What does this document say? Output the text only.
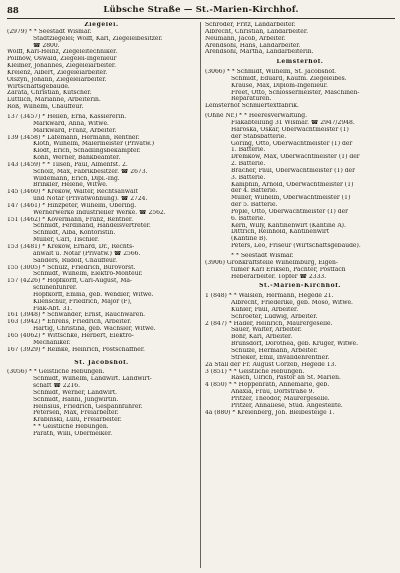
88	Lübsche Straße — St.-Marien-Kirchhof.
Ziegelei.
(2979) * * Seestadt Wismar.
Stadtziegelei; Wolff, Karl, Ziegeleibesitzer.
☎ 2800.
Wolff, Karl-Heinz, Ziegeleitechniker.
Pollnow, Oswald, Ziegelei-Ingenieur
Kleimer, Johannes, Ziegeleiarbeiter.
Kreienz, Albert, Ziegeleiarbeiter.
Olszyn, Johann, Ziegeleiarbeiter.
Wirtschaftsgebäude.
Zarata, Christian, Kutscher.
Lüttlich, Marianne, Arbeiterin.
Roß, Wilhelm, Chauffeur.
137 (3457) * Hellen, Erna, Kassiererin.
Markward, Anna, Witwe.
Markward, Franz, Arbeiter.
139 (3458) * Lafemann, Hermann, Rentner.
Kloth, Wilhelm, Malermeister (Privatw.)
Klodt, Erich, Schädlingsbekämpfer.
Köhn, Werner, Bankbeamter.
143 (3459) * * Tilsen, Paul, Almenfst. 2.
Scholz, Max, Fabrikbesitzer. ☎ 2673.
Wildemann, Erich, Dipl.-Ing.
Brinkler, Helene, Witwe.
145 (3460) * Krekow, Walter, Rechtsanwalt
und Notar (Privatwohnung). ☎ 2724.
147 (3461) * Hinzpeter, Wilhelm, Obering.
Wernerwerke Industrieller Werke. ☎ 2562.
151 (3462) * Kövermann, Franz, Rentner.
Schmidt, Ferdinand, Handelsvertreter.
Schmidt, Alba, Kontoristin.
Müller, Carl, Tischler.
153 (3481) * Krekow, Erhard, Dr., Rechts-
anwalt u. Notar (Privatw.) ☎ 2566.
Sanders, Rudolf, Chauffeur.
155 (3005) * Schulz, Friedrich, Bürovorst.
Schmidt, Wilhelm, Elektro-Monteur.
157 (4226) * Hopfkorff, Carl-August, Ma-
schinenführer.
Hopfkorff, Emma, geb. Wendler, Witwe.
Kilenschür, Friedrich, Major (F),
Flak-Abt. 31.
161 (3948) * Schwander, Ernst, Rauchwaren.
163 (3942) * Ehrens, Friedrich, Arbeiter.
Hartig, Christina, geb. Wachsler, Witwe.
165 (4062) * Wittschke, Herbert, Elektro-
Mechaniker.
167 (3929) * Reinke, Heinrich, Postschaffner.
St. Jacobshof.
(3056) * * Geistliche Hebungen.
Schmidt, Wilhelm, Landwirt. Landwirt-
schaft ☎ 2216.
Schmidt, Werner, Landwirt.
Schmidt, Hanni, Jungwirtin.
Heinsius, Friedrich, Gespannführer.
Petersen, Max, Freiarbeiter.
Krabinski, Lulu, Freiarbeiter.
* * Geistliche Hebungen.
Parath, Willi, Obermelker.
Schröder, Fritz, Landarbeiter.
Albrecht, Christian, Landarbeiter.
Neumann, Jacob, Arbeiter.
Arendsohl, Hans, Landarbeiter.
Arendsohl, Martha, Landarbeiterin.
Lemsterhof.
(3066) * * Schmidt, Wilhelm, St. Jacobshof.
Schmidt, Eduard, Kaufm. Ziegeleibes.
Krause, Max, Diplom-Ingenieur.
Freet, Otto, Schlossermeister, Maschinen-
Reparaturen.
Lemsterhof Schmiertextfabrik.
(Ohne Nr.) * * Heeresverwaltung.
Flakabteilung 31 Wismar. ☎ 2947/2948.
Haroska, Oskar, Oberwachtmeister (T)
der Stabsbatterie.
Göring, Otto, Oberwachtmeister (T) der
1. Batterie.
Dremkow, Max, Oberwachtmeister (T) der
2. Batterie.
Bracher, Paul, Oberwachtmeister (T) der
3. Batterie.
Kamphin, Arnold, Oberwachtmeister (T)
der 4. Batterie.
Müller, Wilhelm, Oberwachtmeister (T)
der 5. Batterie.
Pople, Otto, Oberwachtmeister (T) der
6. Batterie.
Kern, Willy, Kantinenwirt (Kantine A).
Dittrich, Reinhold, Kantinenwirt
(Kantine B).
Peters, Leo, Friseur (Wirtschaftsgebäude).
* * Seestadt Wismar.
(3906) Großkraftstelle Wilhelmburg, Eigen-
tümer Karl Eriksen, Pächter, Postfach
Heberarbeiter. Töpfer ☎ 2333.
St.-Marien-Kirchhof.
1 (848) * * Walsien, Hermann, Hegede 21.
Albrecht, Friederike, geb. Moso, Witwe.
Kühler, Paul, Arbeiter.
Schroeter, Ludwig, Arbeiter.
2 (847) * Hader, Heinrich, Maurergeselle.
Sauer, Walter, Arbeiter.
Bohr, Karl, Arbeiter.
Brünsdorf, Dorothea, geb. Krüger, Witwe.
Schulze, Hermann, Arbeiter.
Strieker, Emil, Invalidenrentner.
2a Stall der Fr. August Corzeb, Hegede 13.
3 (851) * * Geistliche Hebungen.
Rasch, Ulrich, Pastor an St. Marien.
4 (850) * * Hoppenrath, Annemarie, geb.
Anaxia, Frau, Dorfstraße 9.
Pritzer, Theodor, Maurergeselle.
Pritzer, Annaliese, Stud. Angestellte.
4a (880) * Kreienberg, Joh. Bleibesteige 1.
